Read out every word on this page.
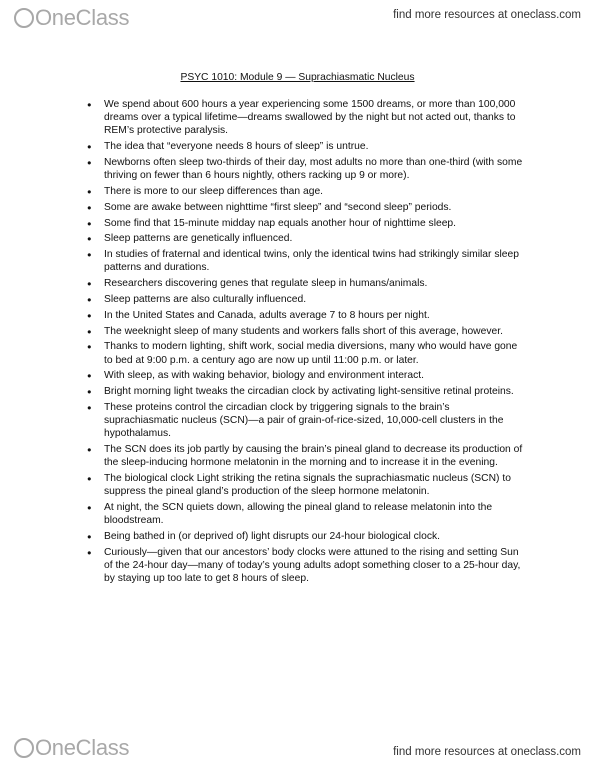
OneClass	find more resources at oneclass.com
PSYC 1010: Module 9 — Suprachiasmatic Nucleus
● We spend about 600 hours a year experiencing some 1500 dreams, or more than 100,000 dreams over a typical lifetime—dreams swallowed by the night but not acted out, thanks to REM’s protective paralysis.
● The idea that “everyone needs 8 hours of sleep” is untrue.
● Newborns often sleep two-thirds of their day, most adults no more than one-third (with some thriving on fewer than 6 hours nightly, others racking up 9 or more).
● There is more to our sleep differences than age.
● Some are awake between nighttime “first sleep” and “second sleep” periods.
● Some find that 15-minute midday nap equals another hour of nighttime sleep.
● Sleep patterns are genetically influenced.
● In studies of fraternal and identical twins, only the identical twins had strikingly similar sleep patterns and durations.
● Researchers discovering genes that regulate sleep in humans/animals.
● Sleep patterns are also culturally influenced.
● In the United States and Canada, adults average 7 to 8 hours per night.
● The weeknight sleep of many students and workers falls short of this average, however.
● Thanks to modern lighting, shift work, social media diversions, many who would have gone to bed at 9:00 p.m. a century ago are now up until 11:00 p.m. or later.
● With sleep, as with waking behavior, biology and environment interact.
● Bright morning light tweaks the circadian clock by activating light-sensitive retinal proteins.
● These proteins control the circadian clock by triggering signals to the brain’s suprachiasmatic nucleus (SCN)—a pair of grain-of-rice-sized, 10,000-cell clusters in the hypothalamus.
● The SCN does its job partly by causing the brain’s pineal gland to decrease its production of the sleep-inducing hormone melatonin in the morning and to increase it in the evening.
● The biological clock Light striking the retina signals the suprachiasmatic nucleus (SCN) to suppress the pineal gland’s production of the sleep hormone melatonin.
● At night, the SCN quiets down, allowing the pineal gland to release melatonin into the bloodstream.
● Being bathed in (or deprived of) light disrupts our 24-hour biological clock.
● Curiously—given that our ancestors’ body clocks were attuned to the rising and setting Sun of the 24-hour day—many of today’s young adults adopt something closer to a 25-hour day, by staying up too late to get 8 hours of sleep.
OneClass	find more resources at oneclass.com
